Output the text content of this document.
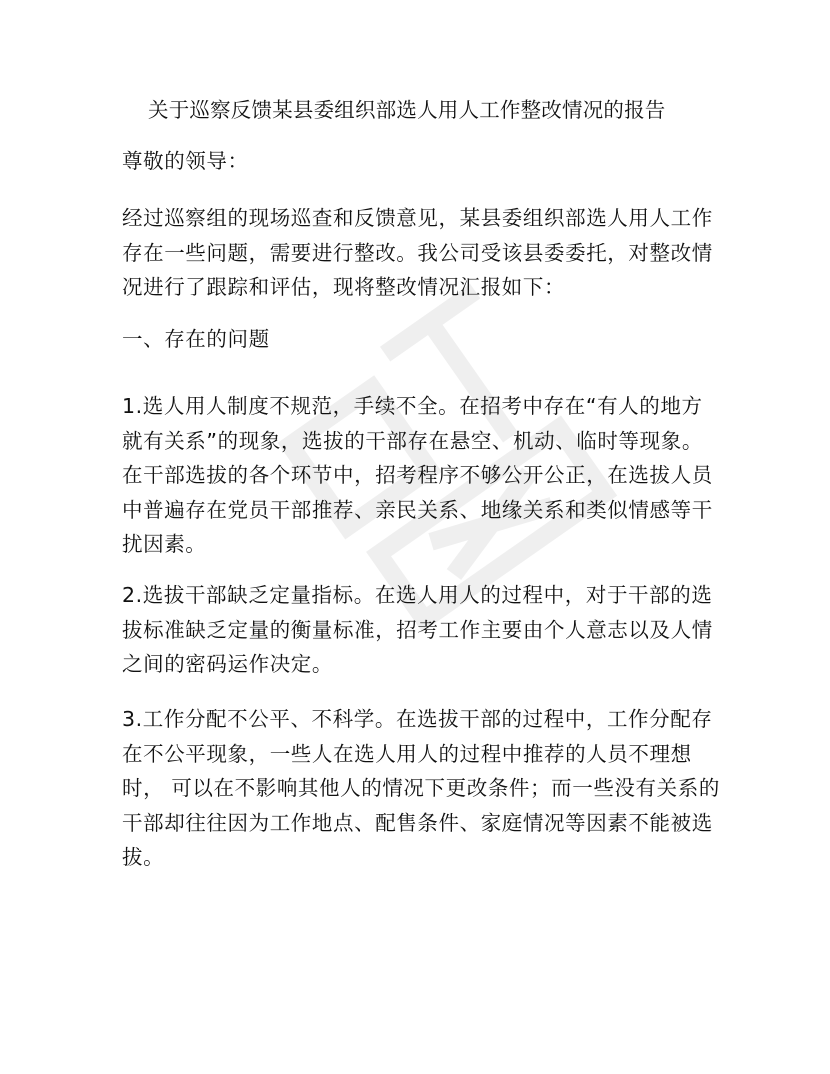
关于巡察反馈某县委组织部选人用人工作整改情况的报告
尊敬的领导：
经过巡察组的现场巡查和反馈意见，某县委组织部选人用人工作存在一些问题，需要进行整改。我公司受该县委委托，对整改情况进行了跟踪和评估，现将整改情况汇报如下：
一、存在的问题
1.选人用人制度不规范，手续不全。在招考中存在“有人的地方就有关系”的现象，选拔的干部存在悬空、机动、临时等现象。在干部选拔的各个环节中，招考程序不够公开公正，在选拔人员中普遍存在党员干部推荐、亲民关系、地缘关系和类似情感等干扰因素。
2.选拔干部缺乏定量指标。在选人用人的过程中，对于干部的选拔标准缺乏定量的衡量标准，招考工作主要由个人意志以及人情之间的密码运作决定。
3.工作分配不公平、不科学。在选拔干部的过程中，工作分配存在不公平现象，一些人在选人用人的过程中推荐的人员不理想时， 可以在不影响其他人的情况下更改条件；而一些没有关系的干部却往往因为工作地点、配售条件、家庭情况等因素不能被选拔。
